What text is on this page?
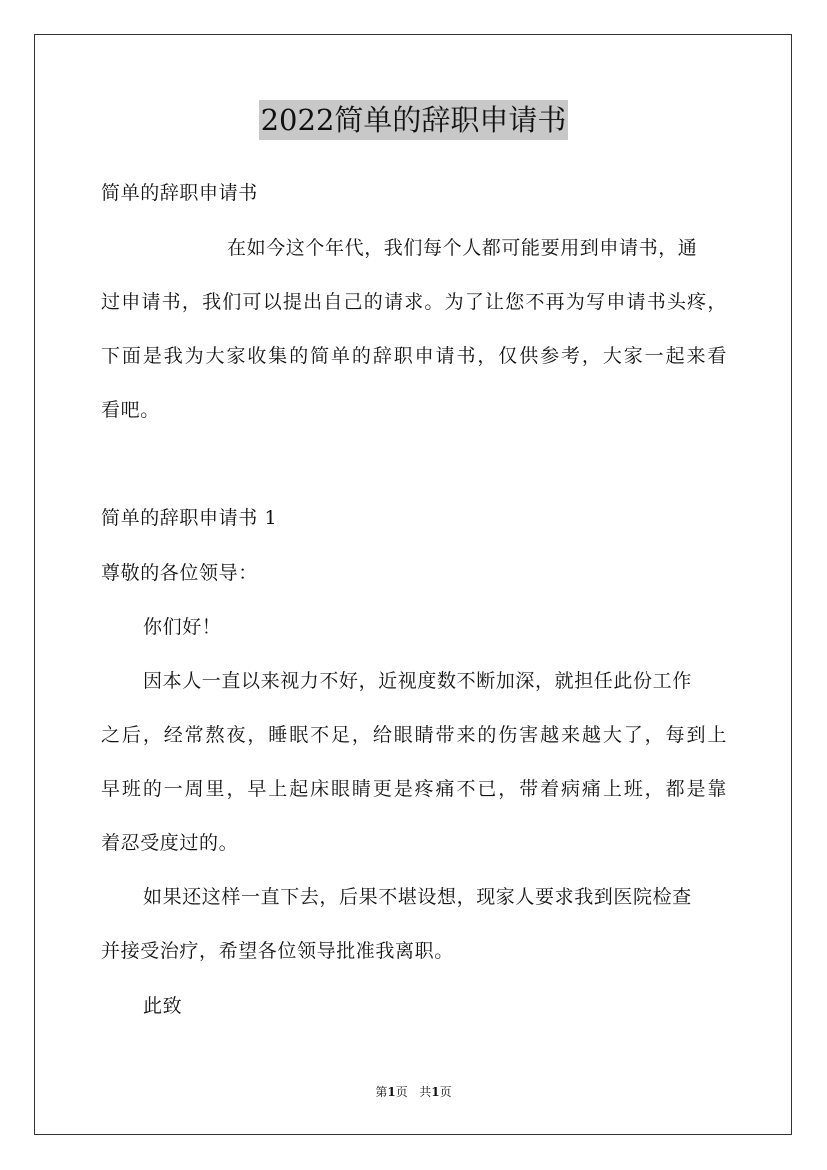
2022简单的辞职申请书
简单的辞职申请书
在如今这个年代，我们每个人都可能要用到申请书，通
过申请书，我们可以提出自己的请求。为了让您不再为写申请书头疼，
下面是我为大家收集的简单的辞职申请书，仅供参考，大家一起来看
看吧。
简单的辞职申请书 1
尊敬的各位领导：
你们好！
因本人一直以来视力不好，近视度数不断加深，就担任此份工作
之后，经常熬夜，睡眠不足，给眼睛带来的伤害越来越大了，每到上
早班的一周里，早上起床眼睛更是疼痛不已，带着病痛上班，都是靠
着忍受度过的。
如果还这样一直下去，后果不堪设想，现家人要求我到医院检查
并接受治疗，希望各位领导批准我离职。
此致
第1页 共1页
